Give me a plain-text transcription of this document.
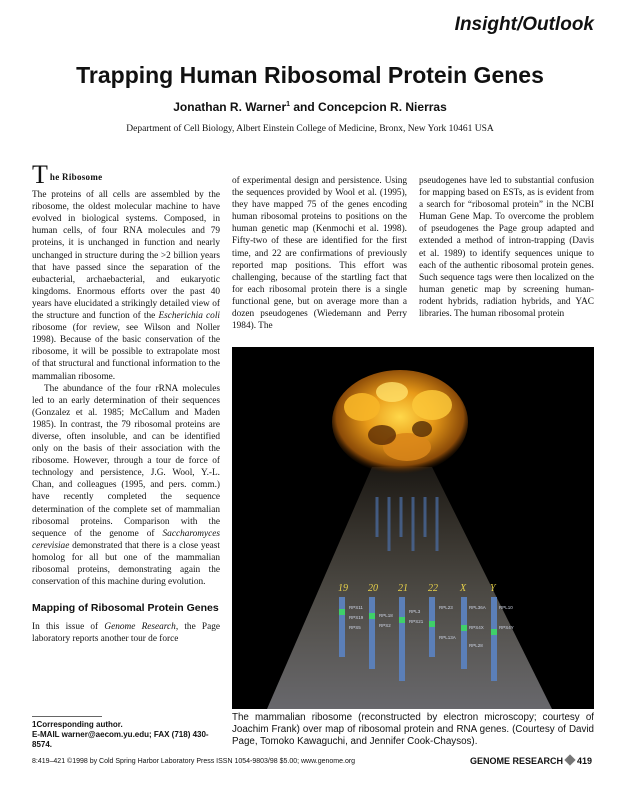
Insight/Outlook
Trapping Human Ribosomal Protein Genes
Jonathan R. Warner$^1$ and Concepcion R. Nierras
Department of Cell Biology, Albert Einstein College of Medicine, Bronx, New York 10461 USA
T he Ribosome

The proteins of all cells are assembled by the ribosome, the oldest molecular machine to have evolved in biological systems. Composed, in human cells, of four RNA molecules and 79 proteins, it is unchanged in function and nearly unchanged in structure during the >2 billion years that have passed since the separation of the eubacterial, archaebacterial, and eukaryotic kingdoms. Enormous efforts over the past 40 years have elucidated a strikingly detailed view of the structure and function of the Escherichia coli ribosome (for review, see Wilson and Noller 1998). Because of the basic conservation of the ribosome, it will be possible to extrapolate most of that structural and functional information to the mammalian ribosome.

The abundance of the four rRNA molecules led to an early determination of their sequences (Gonzalez et al. 1985; McCallum and Maden 1985). In contrast, the 79 ribosomal proteins are diverse, often insoluble, and can be identified only on the basis of their association with the ribosome. However, through a tour de force of technology and persistence, J.G. Wool, Y.-L. Chan, and colleagues (1995, and pers. comm.) have recently completed the sequence determination of the complete set of mammalian ribosomal proteins. Comparison with the sequence of the genome of Saccharomyces cerevisiae demonstrated that there is a close yeast homolog for all but one of the mammalian ribosomal proteins, demonstrating again the conservation of this machine during evolution.

Mapping of Ribosomal Protein Genes

In this issue of Genome Research, the Page laboratory reports another tour de force

of experimental design and persistence. Using the sequences provided by Wool et al. (1995), they have mapped 75 of the genes encoding human ribosomal proteins to positions on the human genetic map (Kenmochi et al. 1998). Fifty-two of these are identified for the first time, and 22 are confirmations of previously reported map positions. This effort was challenging, because of the startling fact that for each ribosomal protein there is a single functional gene, but on average more than a dozen pseudogenes (Wiedemann and Perry 1984). The

pseudogenes have led to substantial confusion for mapping based on ESTs, as is evident from a search for “ribosomal protein” in the NCBI Human Gene Map. To overcome the problem of pseudogenes the Page group adapted and extended a method of intron-trapping (Davis et al. 1989) to identify sequences unique to each of the authentic ribosomal protein genes. Such sequence tags were then localized on the human genetic map by screening human-rodent hybrids, radiation hybrids, and YAC libraries. The human ribosomal protein

19 20 21 22 X Y
RPS11
RPS19
RPS5
RPL18
RPS2
RPL3
RPS21
RPL23	RPL36A	RPL10
RPS4X	RPS4Y
RPL13A
RPL28
The mammalian ribosome (reconstructed by electron microscopy; courtesy of Joachim Frank) over map of ribosomal protein and RNA genes. (Courtesy of David Page, Tomoko Kawaguchi, and Jennifer Cook-Chaysos).
1Corresponding author.
E-MAIL warner@aecom.yu.edu; FAX (718) 430-8574.
8:419–421 ©1998 by Cold Spring Harbor Laboratory Press ISSN 1054-9803/98 $5.00; www.genome.org	GENOME RESEARCH 419
